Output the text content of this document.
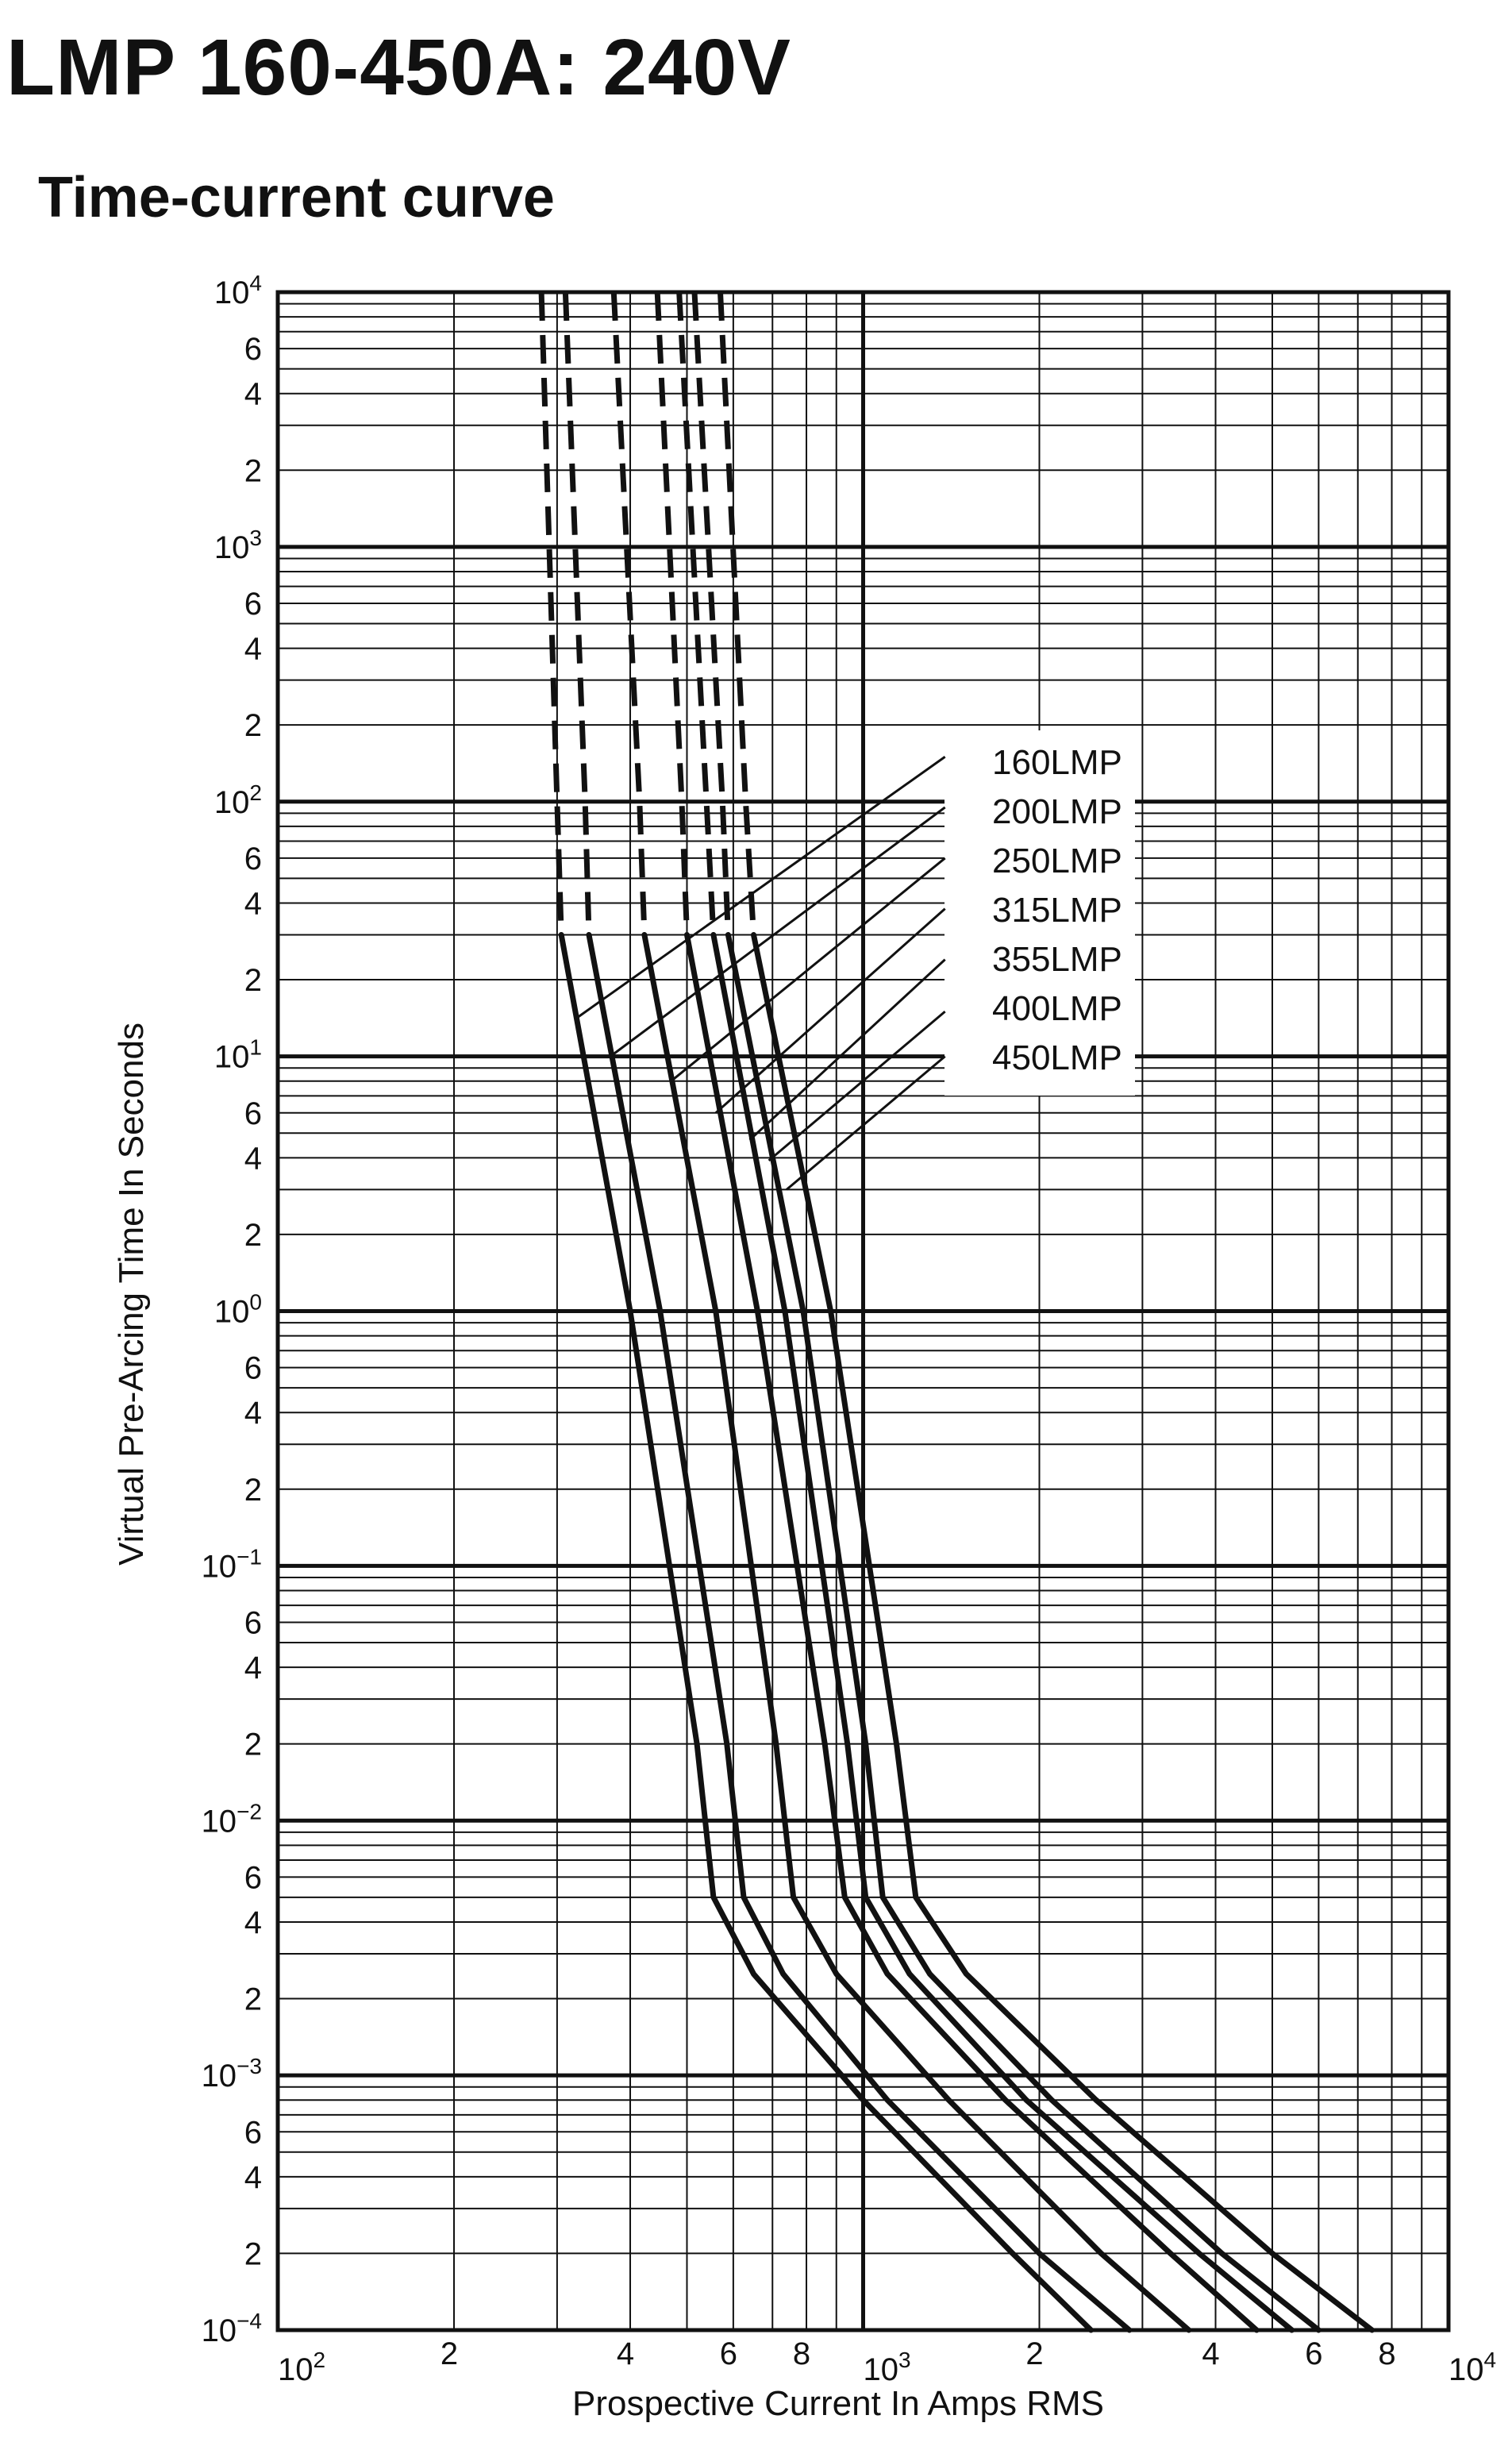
LMP 160-450A: 240V
Time-current curve
160LMP
200LMP
250LMP
315LMP
355LMP
400LMP
450LMP
$10^4$
6
4
2
$10^3$
6
4
2
$10^2$
6
4
2
$10^1$
6
4
2
$10^0$
6
4
2
$10^{-1}$
6
4
2
$10^{-2}$
6
4
2
$10^{-3}$
6
4
2
$10^{-4}$
$10^2$	2	4	6 8 $10^3$	2	4	6 8 $10^4$
Prospective Current In Amps RMS
Virtual Pre-Arcing Time In Seconds
